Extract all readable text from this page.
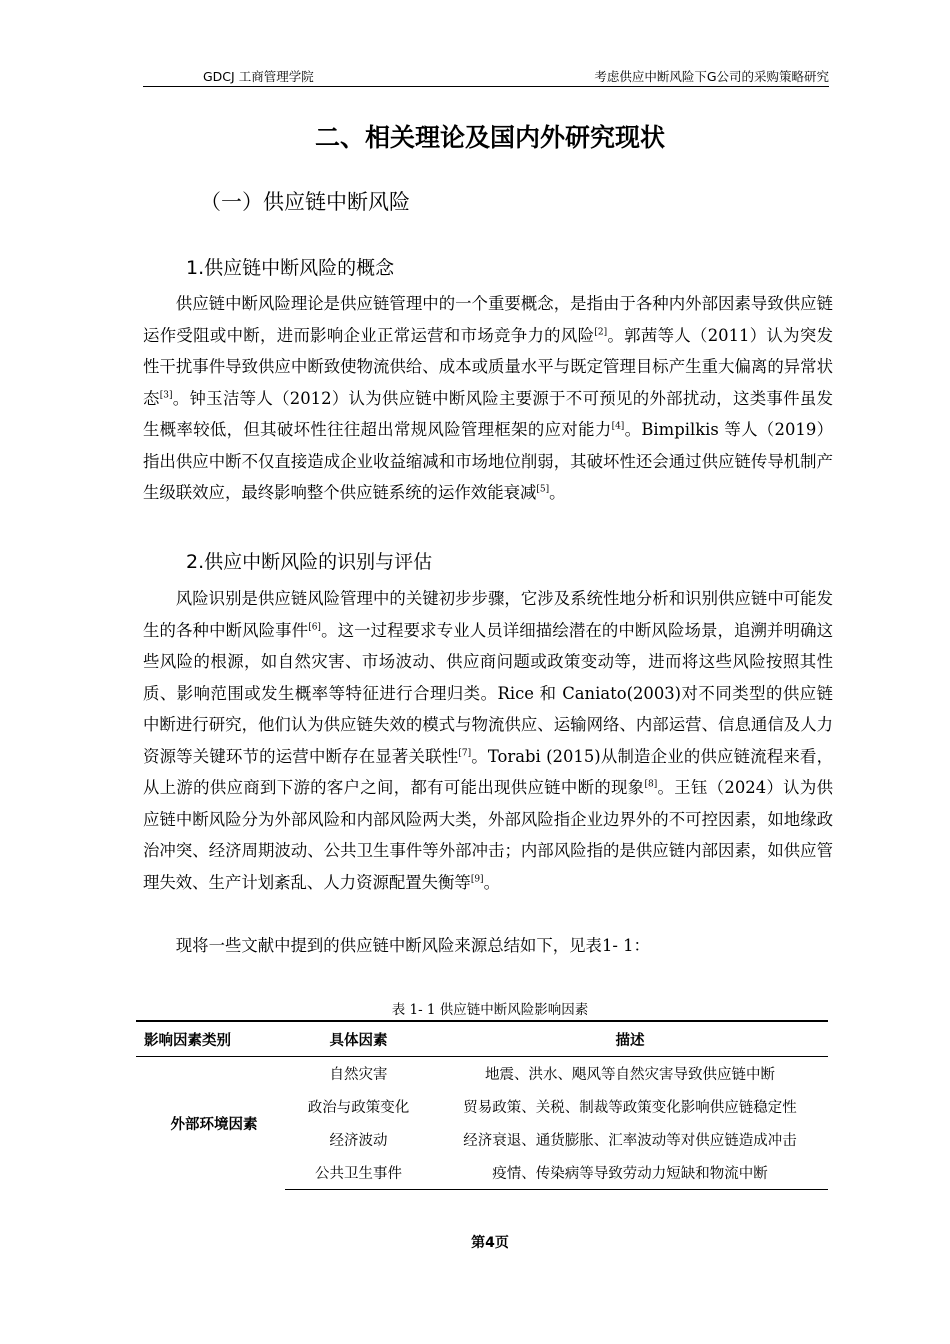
GDCJ 工商管理学院	考虑供应中断风险下G公司的采购策略研究
二、相关理论及国内外研究现状
（一）供应链中断风险
1.供应链中断风险的概念
供应链中断风险理论是供应链管理中的一个重要概念，是指由于各种内外部因素导致供应链运作受阻或中断，进而影响企业正常运营和市场竞争力的风险[2]。郭茜等人（2011）认为突发性干扰事件导致供应中断致使物流供给、成本或质量水平与既定管理目标产生重大偏离的异常状态[3]。钟玉洁等人（2012）认为供应链中断风险主要源于不可预见的外部扰动，这类事件虽发生概率较低，但其破坏性往往超出常规风险管理框架的应对能力[4]。Bimpilkis 等人（2019）指出供应中断不仅直接造成企业收益缩减和市场地位削弱，其破坏性还会通过供应链传导机制产生级联效应，最终影响整个供应链系统的运作效能衰减[5]。
2.供应中断风险的识别与评估
风险识别是供应链风险管理中的关键初步步骤，它涉及系统性地分析和识别供应链中可能发生的各种中断风险事件[6]。这一过程要求专业人员详细描绘潜在的中断风险场景，追溯并明确这些风险的根源，如自然灾害、市场波动、供应商问题或政策变动等，进而将这些风险按照其性质、影响范围或发生概率等特征进行合理归类。Rice 和 Caniato(2003)对不同类型的供应链中断进行研究，他们认为供应链失效的模式与物流供应、运输网络、内部运营、信息通信及人力资源等关键环节的运营中断存在显著关联性[7]。Torabi (2015)从制造企业的供应链流程来看，从上游的供应商到下游的客户之间，都有可能出现供应链中断的现象[8]。王钰（2024）认为供应链中断风险分为外部风险和内部风险两大类，外部风险指企业边界外的不可控因素，如地缘政治冲突、经济周期波动、公共卫生事件等外部冲击；内部风险指的是供应链内部因素，如供应管理失效、生产计划紊乱、人力资源配置失衡等[9]。
现将一些文献中提到的供应链中断风险来源总结如下，见表1- 1：
表 1- 1 供应链中断风险影响因素
影响因素类别	具体因素	描述
外部环境因素	自然灾害	地震、洪水、飓风等自然灾害导致供应链中断
	政治与政策变化	贸易政策、关税、制裁等政策变化影响供应链稳定性
	经济波动	经济衰退、通货膨胀、汇率波动等对供应链造成冲击
	公共卫生事件	疫情、传染病等导致劳动力短缺和物流中断
第4页
